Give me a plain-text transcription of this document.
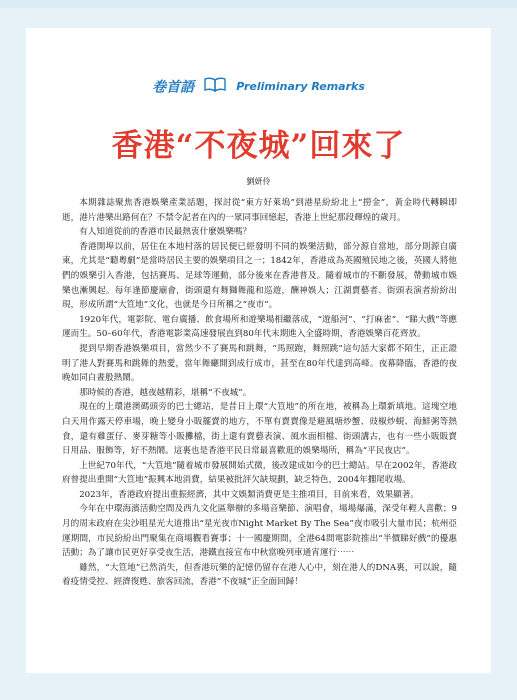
卷首語	Preliminary Remarks
香港“不夜城”回來了
劉妍伶

本期雜誌聚焦香港娛樂產業話題，探討從“東方好萊塢”到港星紛紛北上“撈金”，黃金時代轉瞬即逝，港片港樂出路何在？不禁令記者在內的一眾同事回憶起，香港上世紀那段輝煌的歲月。

有人知道從前的香港市民最熱衷什麼娛樂嗎？

香港開埠以前，居住在本地村落的居民便已經發明不同的娛樂活動，部分源自當地，部分則源自廣東，尤其是“聽粵劇”是當時居民主要的娛樂項目之一；1842年，香港成為英國殖民地之後，英國人將他們的娛樂引入香港，包括賽馬、足球等運動，部分後來在香港普及。隨着城市的不斷發展，帶動城市娛樂也漸興起。每年逢節慶廟會，街頭還有舞獅舞龍和巡遊，酬神娛人；江湖賣藝者、街頭表演者紛紛出現，形成所謂“大笪地”文化，也就是今日所稱之“夜市”。

1920年代，電影院、電台廣播、飲食場所和遊樂場相繼落成，“遊船河”、“打麻雀”、“睇大戲”等應運而生。50–60年代，香港電影業高速發展直到80年代末期進入全盛時期，香港娛樂百花齊放。

提到早期香港娛樂項目，當然少不了賽馬和跳舞，“馬照跑，舞照跳”這句話大家都不陌生，正正證明了港人對賽馬和跳舞的熱愛，當年舞廳開到成行成市，甚至在80年代達到高峰。夜幕降臨，香港的夜晚如同白晝般熱鬧。

那時候的香港，越夜越精彩，堪稱“不夜城”。

現在的上環港澳碼頭旁的巴士總站，是昔日上環“大笪地”的所在地，被稱為上環新填地。這塊空地白天用作露天停車場，晚上變身小販擺賣的地方，不單有賣賣像是避風塘炒蟹、豉椒炒蜆、海鮮粥等熱食，還有雞蛋仔、麥芽糖等小販攤檔，街上還有賣藝表演、風水面相檔、街頭講古，也有一些小販販賣日用品、服飾等，好不熱鬧。這裏也是香港平民日常最喜歡逛的娛樂場所，稱為“平民夜店”。

上世紀70年代，“大笪地”隨着城市發展開始式微，後改建成如今的巴士總站。早在2002年，香港政府曾提出重開“大笪地”振興本地消費，結果被批評欠缺規劃，缺乏特色，2004年擱尾收場。

2023年，香港政府提出重振經濟，其中文娛類消費更是主推項目，目前來看，效果顯著。

今年在中環海濱活動空間及西九文化區舉辦的多場音樂節、演唱會，場場爆滿，深受年輕人喜歡；9月的周末政府在尖沙咀星光大道推出“星光夜市Night Market By The Sea”夜市吸引大量市民；杭州亞運期間，市民紛紛出門聚集在商場觀看賽事；十一國慶期間，全港64間電影院推出“半價睇好戲”的優惠活動；為了讓市民更好享受夜生活，港鐵直接宣布中秋當晚列車通宵運行⋯⋯

雖然，“大笪地”已然消失，但香港玩樂的記憶仍留存在港人心中，刻在港人的DNA裏，可以說，隨着疫情受控、經濟復甦、旅客回流，香港“不夜城”正全面回歸！
